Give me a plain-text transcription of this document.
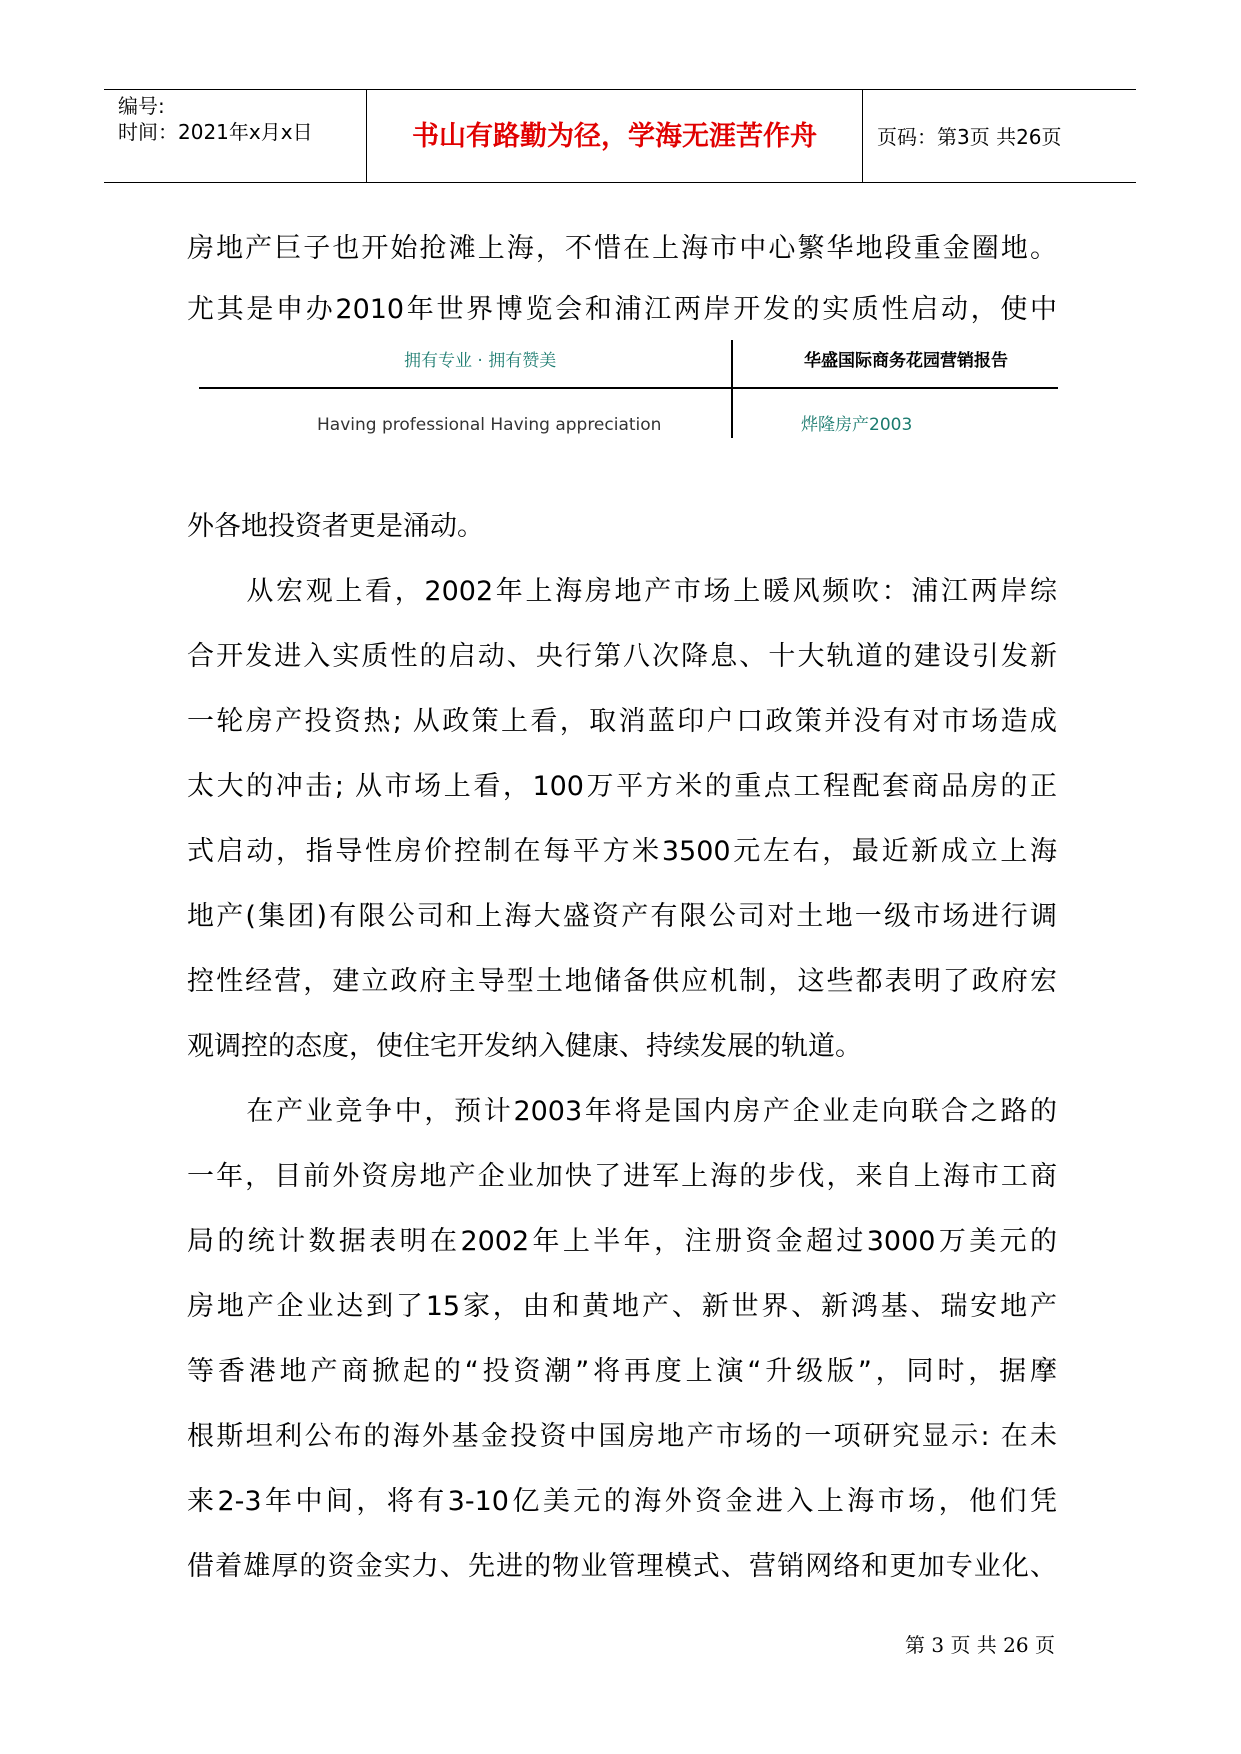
编号:
时间：2021年x月x日	书山有路勤为径，学海无涯苦作舟	页码：第3页 共26页
房地产巨子也开始抢滩上海，不惜在上海市中心繁华地段重金圈地。
尤其是申办2010年世界博览会和浦江两岸开发的实质性启动，使中
拥有专业 · 拥有赞美	华盛国际商务花园营销报告
Having professional Having appreciation	烨隆房产2003
外各地投资者更是涌动。
　　从宏观上看，2002年上海房地产市场上暖风频吹：浦江两岸综
合开发进入实质性的启动、央行第八次降息、十大轨道的建设引发新
一轮房产投资热; 从政策上看，取消蓝印户口政策并没有对市场造成
太大的冲击; 从市场上看，100万平方米的重点工程配套商品房的正
式启动，指导性房价控制在每平方米3500元左右，最近新成立上海
地产(集团)有限公司和上海大盛资产有限公司对土地一级市场进行调
控性经营，建立政府主导型土地储备供应机制，这些都表明了政府宏
观调控的态度，使住宅开发纳入健康、持续发展的轨道。
　　在产业竞争中，预计2003年将是国内房产企业走向联合之路的
一年，目前外资房地产企业加快了进军上海的步伐，来自上海市工商
局的统计数据表明在2002年上半年，注册资金超过3000万美元的
房地产企业达到了15家，由和黄地产、新世界、新鸿基、瑞安地产
等香港地产商掀起的“投资潮”将再度上演“升级版”，同时，据摩
根斯坦利公布的海外基金投资中国房地产市场的一项研究显示: 在未
来2-3年中间，将有3-10亿美元的海外资金进入上海市场，他们凭
借着雄厚的资金实力、先进的物业管理模式、营销网络和更加专业化、
第 3 页 共 26 页
